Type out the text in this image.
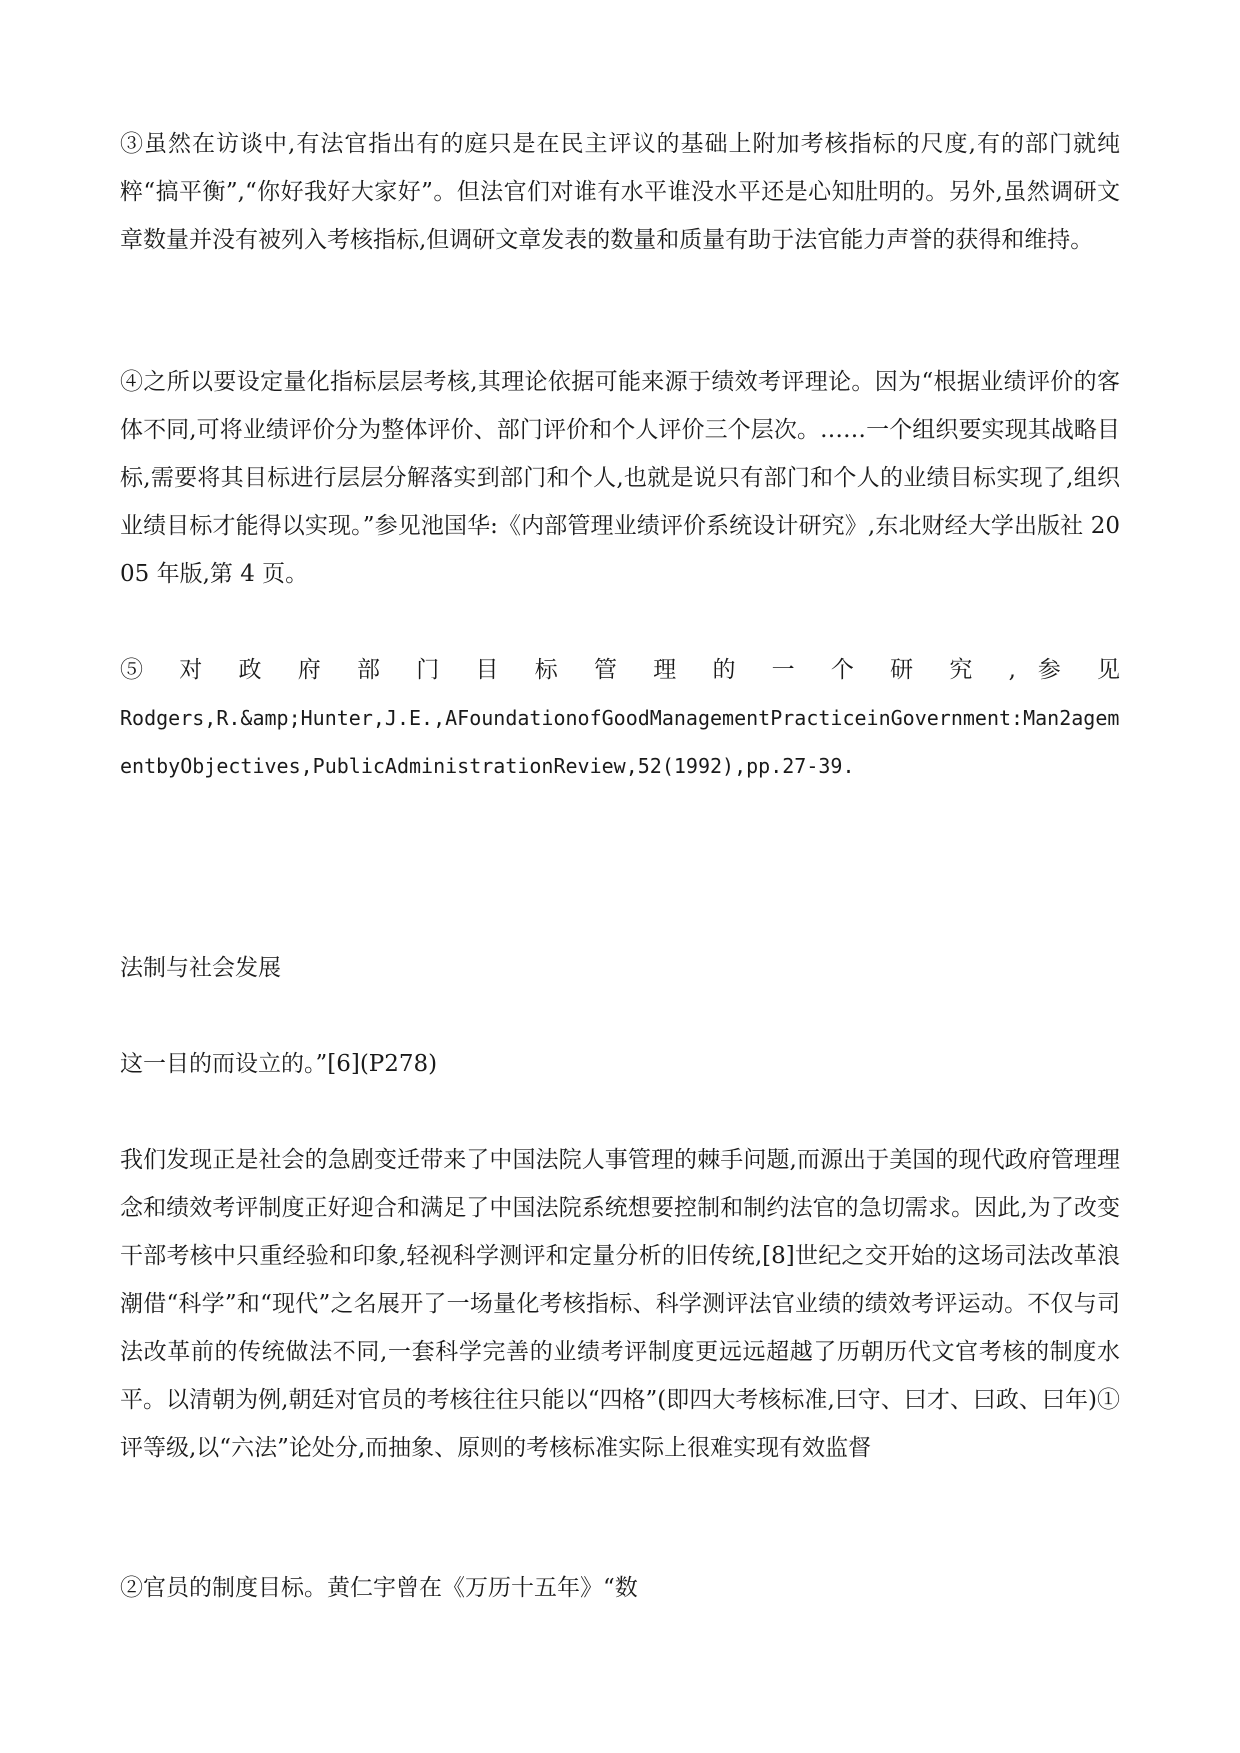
③虽然在访谈中,有法官指出有的庭只是在民主评议的基础上附加考核指标的尺度,有的部门就纯粹“搞平衡”,“你好我好大家好”。但法官们对谁有水平谁没水平还是心知肚明的。另外,虽然调研文章数量并没有被列入考核指标,但调研文章发表的数量和质量有助于法官能力声誉的获得和维持。

④之所以要设定量化指标层层考核,其理论依据可能来源于绩效考评理论。因为“根据业绩评价的客体不同,可将业绩评价分为整体评价、部门评价和个人评价三个层次。……一个组织要实现其战略目标,需要将其目标进行层层分解落实到部门和个人,也就是说只有部门和个人的业绩目标实现了,组织业绩目标才能得以实现。”参见池国华:《内部管理业绩评价系统设计研究》,东北财经大学出版社 2005 年版,第 4 页。

⑤ 对 政 府 部 门 目 标 管 理 的 一 个 研 究 , 参 见

Rodgers,R.&amp;Hunter,J.E.,AFoundationofGoodManagementPracticeinGovernment:Man2agementbyObjectives,PublicAdministrationReview,52(1992),pp.27-39.

法制与社会发展

这一目的而设立的。”[6](P278)

我们发现正是社会的急剧变迁带来了中国法院人事管理的棘手问题,而源出于美国的现代政府管理理念和绩效考评制度正好迎合和满足了中国法院系统想要控制和制约法官的急切需求。因此,为了改变干部考核中只重经验和印象,轻视科学测评和定量分析的旧传统,[8]世纪之交开始的这场司法改革浪潮借“科学”和“现代”之名展开了一场量化考核指标、科学测评法官业绩的绩效考评运动。不仅与司法改革前的传统做法不同,一套科学完善的业绩考评制度更远远超越了历朝历代文官考核的制度水平。以清朝为例,朝廷对官员的考核往往只能以“四格”(即四大考核标准,曰守、曰才、曰政、曰年)①评等级,以“六法”论处分,而抽象、原则的考核标准实际上很难实现有效监督

②官员的制度目标。黄仁宇曾在《万历十五年》“数
